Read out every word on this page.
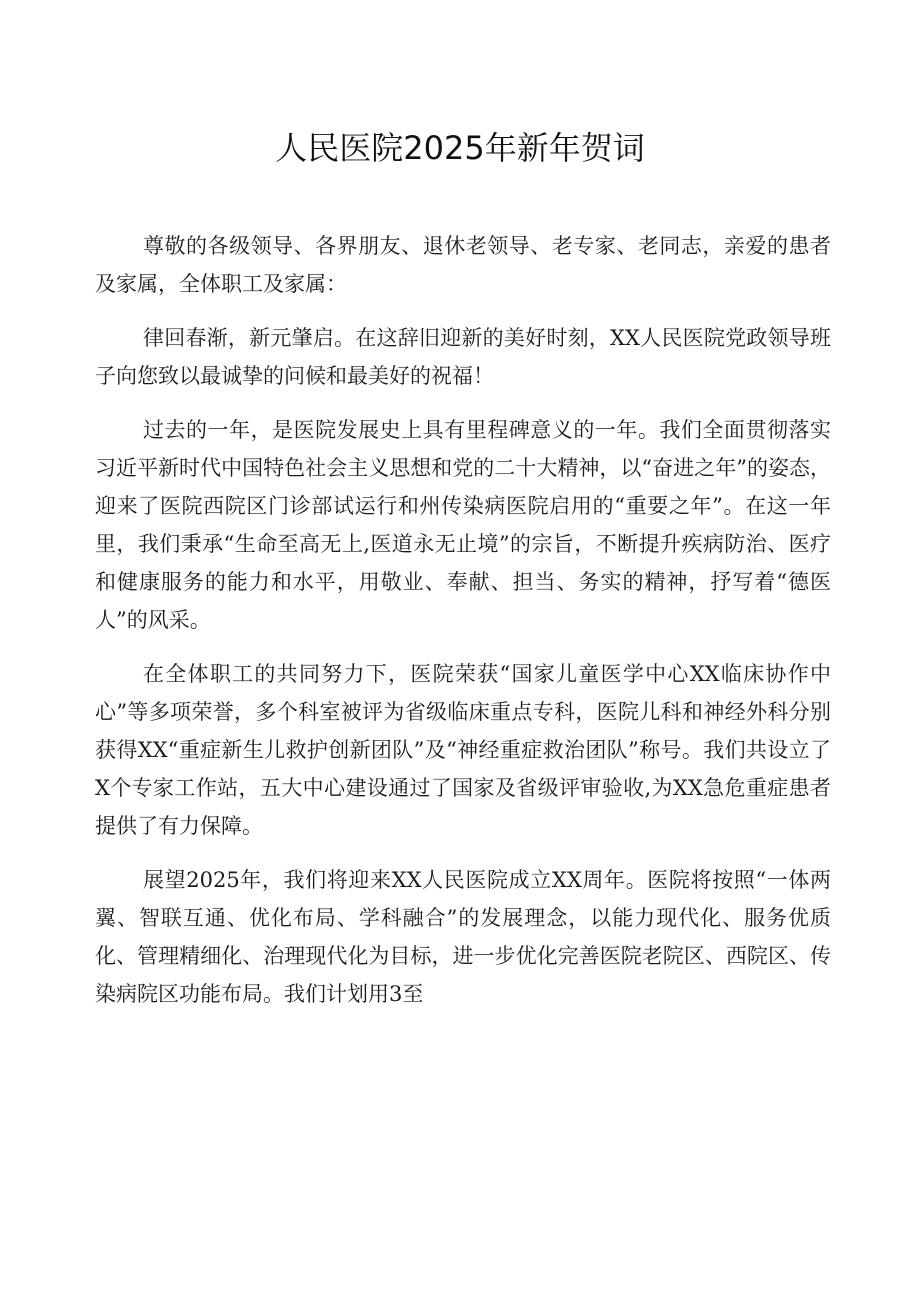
人民医院2025年新年贺词

尊敬的各级领导、各界朋友、退休老领导、老专家、老同志，亲爱的患者及家属，全体职工及家属：

律回春渐，新元肇启。在这辞旧迎新的美好时刻，XX人民医院党政领导班子向您致以最诚挚的问候和最美好的祝福！

过去的一年，是医院发展史上具有里程碑意义的一年。我们全面贯彻落实习近平新时代中国特色社会主义思想和党的二十大精神，以“奋进之年”的姿态，迎来了医院西院区门诊部试运行和州传染病医院启用的“重要之年”。在这一年里，我们秉承“生命至高无上,医道永无止境”的宗旨，不断提升疾病防治、医疗和健康服务的能力和水平，用敬业、奉献、担当、务实的精神，抒写着“德医人”的风采。

在全体职工的共同努力下，医院荣获“国家儿童医学中心XX临床协作中心”等多项荣誉，多个科室被评为省级临床重点专科，医院儿科和神经外科分别获得XX“重症新生儿救护创新团队”及“神经重症救治团队”称号。我们共设立了X个专家工作站，五大中心建设通过了国家及省级评审验收,为XX急危重症患者提供了有力保障。

展望2025年，我们将迎来XX人民医院成立XX周年。医院将按照“一体两翼、智联互通、优化布局、学科融合”的发展理念，以能力现代化、服务优质化、管理精细化、治理现代化为目标，进一步优化完善医院老院区、西院区、传染病院区功能布局。我们计划用3至
